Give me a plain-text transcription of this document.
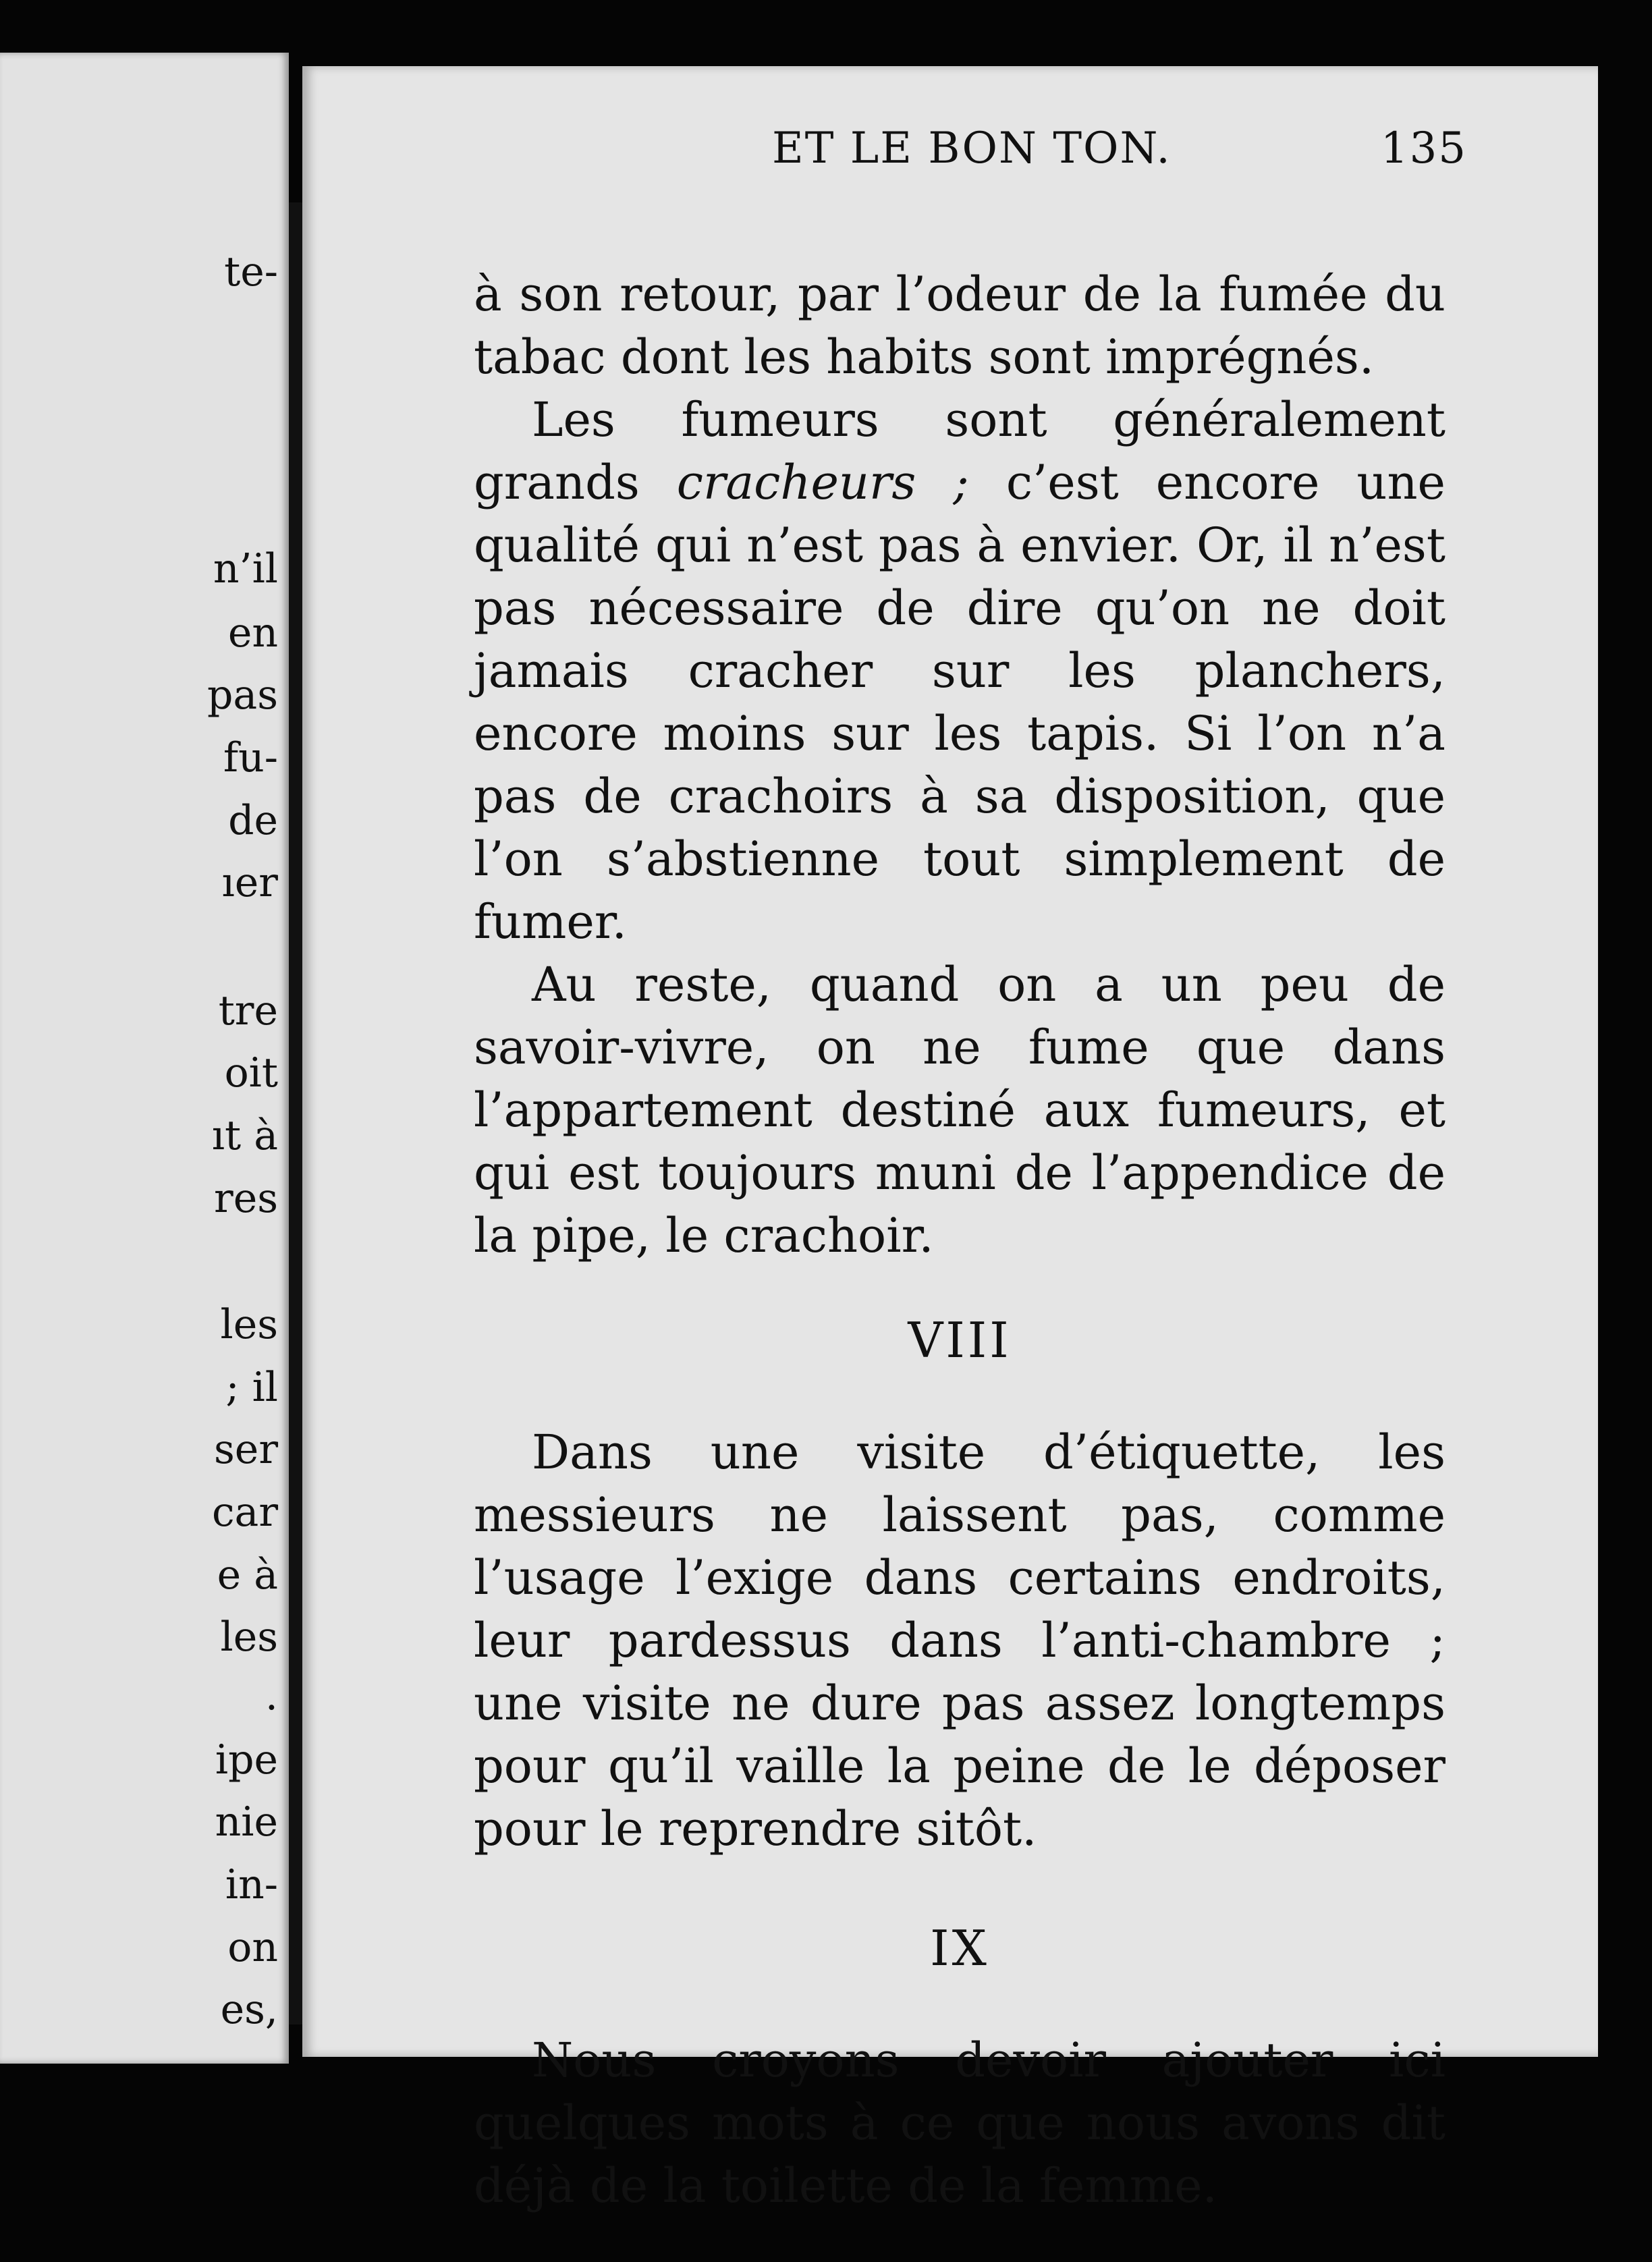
te-
n’il
en
pas
fu-
de
ıer
tre
oit
ıt à
res
les
; il
ser
car
e à
les
.
ipe
nie
in-
on
es,
ET LE BON TON.	135

à son retour, par l’odeur de la fumée du tabac dont les habits sont imprégnés.

Les fumeurs sont généralement grands cracheurs ; c’est encore une qualité qui n’est pas à envier. Or, il n’est pas nécessaire de dire qu’on ne doit jamais cracher sur les planchers, encore moins sur les tapis. Si l’on n’a pas de crachoirs à sa disposition, que l’on s’abstienne tout simplement de fumer.

Au reste, quand on a un peu de savoir-vivre, on ne fume que dans l’appartement destiné aux fumeurs, et qui est toujours muni de l’appendice de la pipe, le crachoir.

VIII

Dans une visite d’étiquette, les messieurs ne laissent pas, comme l’usage l’exige dans certains endroits, leur pardessus dans l’anti-chambre ; une visite ne dure pas assez longtemps pour qu’il vaille la peine de le déposer pour le reprendre sitôt.

IX

Nous croyons devoir ajouter ici quelques mots à ce que nous avons dit déjà de la toilette de la femme.
